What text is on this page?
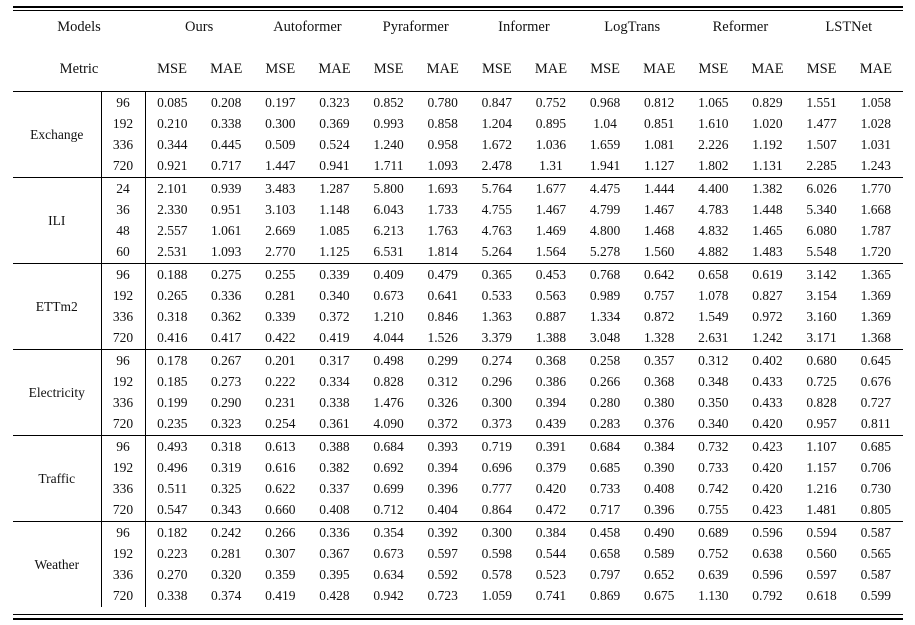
Models		Ours		Autoformer		Pyraformer		Informer		LogTrans		Reformer		LSTNet	
Metric		MSE	MAE	MSE	MAE	MSE	MAE	MSE	MAE	MSE	MAE	MSE	MAE	MSE	MAE
Exchange	96	0.085	0.208	0.197	0.323	0.852	0.780	0.847	0.752	0.968	0.812	1.065	0.829	1.551	1.058
	192	0.210	0.338	0.300	0.369	0.993	0.858	1.204	0.895	1.04	0.851	1.610	1.020	1.477	1.028
	336	0.344	0.445	0.509	0.524	1.240	0.958	1.672	1.036	1.659	1.081	2.226	1.192	1.507	1.031
	720	0.921	0.717	1.447	0.941	1.711	1.093	2.478	1.31	1.941	1.127	1.802	1.131	2.285	1.243
ILI	24	2.101	0.939	3.483	1.287	5.800	1.693	5.764	1.677	4.475	1.444	4.400	1.382	6.026	1.770
	36	2.330	0.951	3.103	1.148	6.043	1.733	4.755	1.467	4.799	1.467	4.783	1.448	5.340	1.668
	48	2.557	1.061	2.669	1.085	6.213	1.763	4.763	1.469	4.800	1.468	4.832	1.465	6.080	1.787
	60	2.531	1.093	2.770	1.125	6.531	1.814	5.264	1.564	5.278	1.560	4.882	1.483	5.548	1.720
ETTm2	96	0.188	0.275	0.255	0.339	0.409	0.479	0.365	0.453	0.768	0.642	0.658	0.619	3.142	1.365
	192	0.265	0.336	0.281	0.340	0.673	0.641	0.533	0.563	0.989	0.757	1.078	0.827	3.154	1.369
	336	0.318	0.362	0.339	0.372	1.210	0.846	1.363	0.887	1.334	0.872	1.549	0.972	3.160	1.369
	720	0.416	0.417	0.422	0.419	4.044	1.526	3.379	1.388	3.048	1.328	2.631	1.242	3.171	1.368
Electricity	96	0.178	0.267	0.201	0.317	0.498	0.299	0.274	0.368	0.258	0.357	0.312	0.402	0.680	0.645
	192	0.185	0.273	0.222	0.334	0.828	0.312	0.296	0.386	0.266	0.368	0.348	0.433	0.725	0.676
	336	0.199	0.290	0.231	0.338	1.476	0.326	0.300	0.394	0.280	0.380	0.350	0.433	0.828	0.727
	720	0.235	0.323	0.254	0.361	4.090	0.372	0.373	0.439	0.283	0.376	0.340	0.420	0.957	0.811
Traffic	96	0.493	0.318	0.613	0.388	0.684	0.393	0.719	0.391	0.684	0.384	0.732	0.423	1.107	0.685
	192	0.496	0.319	0.616	0.382	0.692	0.394	0.696	0.379	0.685	0.390	0.733	0.420	1.157	0.706
	336	0.511	0.325	0.622	0.337	0.699	0.396	0.777	0.420	0.733	0.408	0.742	0.420	1.216	0.730
	720	0.547	0.343	0.660	0.408	0.712	0.404	0.864	0.472	0.717	0.396	0.755	0.423	1.481	0.805
Weather	96	0.182	0.242	0.266	0.336	0.354	0.392	0.300	0.384	0.458	0.490	0.689	0.596	0.594	0.587
	192	0.223	0.281	0.307	0.367	0.673	0.597	0.598	0.544	0.658	0.589	0.752	0.638	0.560	0.565
	336	0.270	0.320	0.359	0.395	0.634	0.592	0.578	0.523	0.797	0.652	0.639	0.596	0.597	0.587
	720	0.338	0.374	0.419	0.428	0.942	0.723	1.059	0.741	0.869	0.675	1.130	0.792	0.618	0.599
